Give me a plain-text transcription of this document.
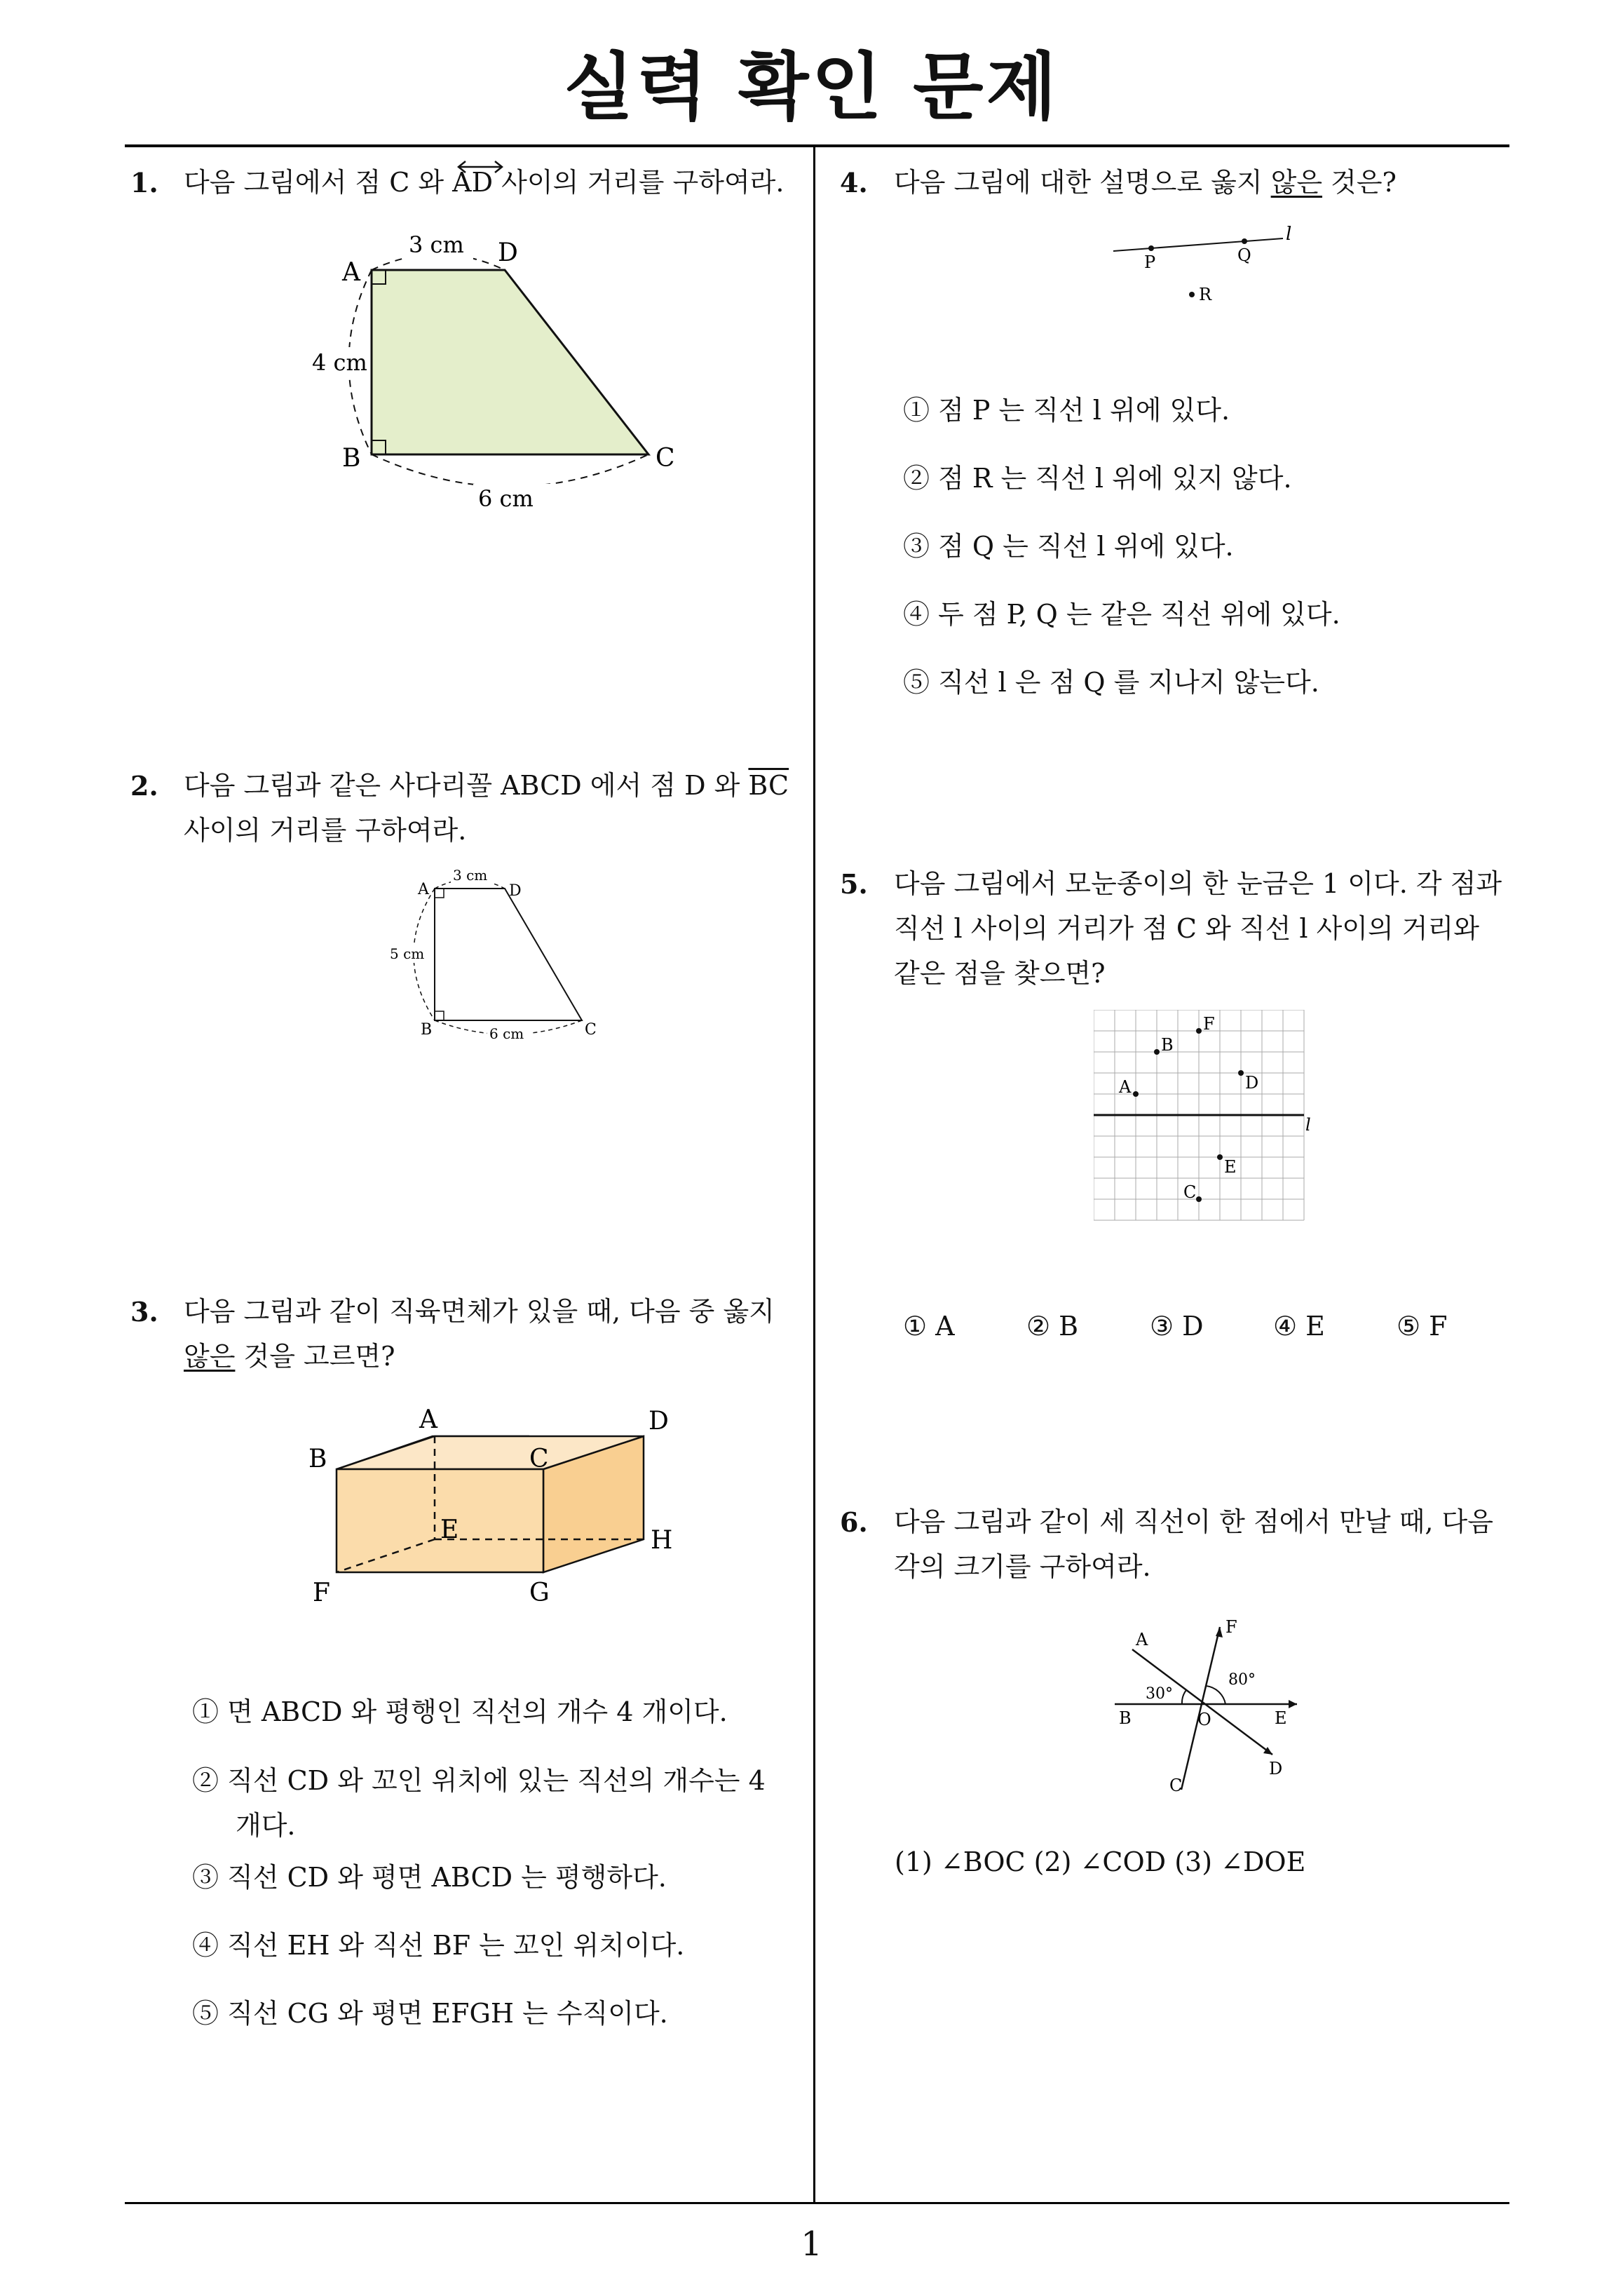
실력 확인 문제
1
1. 다음 그림에서 점 C 와 AD 사이의 거리를 구하여라.
A
D
B	C
3 cm
4 cm
6 cm
2. 다음 그림과 같은 사다리꼴 ABCD 에서 점 D 와 $\overline{BC}$
사이의 거리를 구하여라.
A	D
B	C
3 cm
5 cm
6 cm
3. 다음 그림과 같이 직육면체가 있을 때, 다음 중 옳지
않은 것을 고르면?
A	D
B	C
E	H
F	G
① 면 ABCD 와 평행인 직선의 개수 4 개이다.
② 직선 CD 와 꼬인 위치에 있는 직선의 개수는 4
개다.
③ 직선 CD 와 평면 ABCD 는 평행하다.
④ 직선 EH 와 직선 BF 는 꼬인 위치이다.
⑤ 직선 CG 와 평면 EFGH 는 수직이다.
4. 다음 그림에 대한 설명으로 옳지 않은 것은?
P	Q
R
l
① 점 P 는 직선 l 위에 있다.
② 점 R 는 직선 l 위에 있지 않다.
③ 점 Q 는 직선 l 위에 있다.
④ 두 점 P, Q 는 같은 직선 위에 있다.
⑤ 직선 l 은 점 Q 를 지나지 않는다.
5. 다음 그림에서 모눈종이의 한 눈금은 1 이다. 각 점과
직선 l 사이의 거리가 점 C 와 직선 l 사이의 거리와
같은 점을 찾으면?
A
B
F
D
E
C
l
① A	② B	③ D	④ E	⑤ F
6. 다음 그림과 같이 세 직선이 한 점에서 만날 때, 다음
각의 크기를 구하여라.
A
F
B	O	E
D
C
30°
80°
(1) ∠BOC (2) ∠COD (3) ∠DOE
